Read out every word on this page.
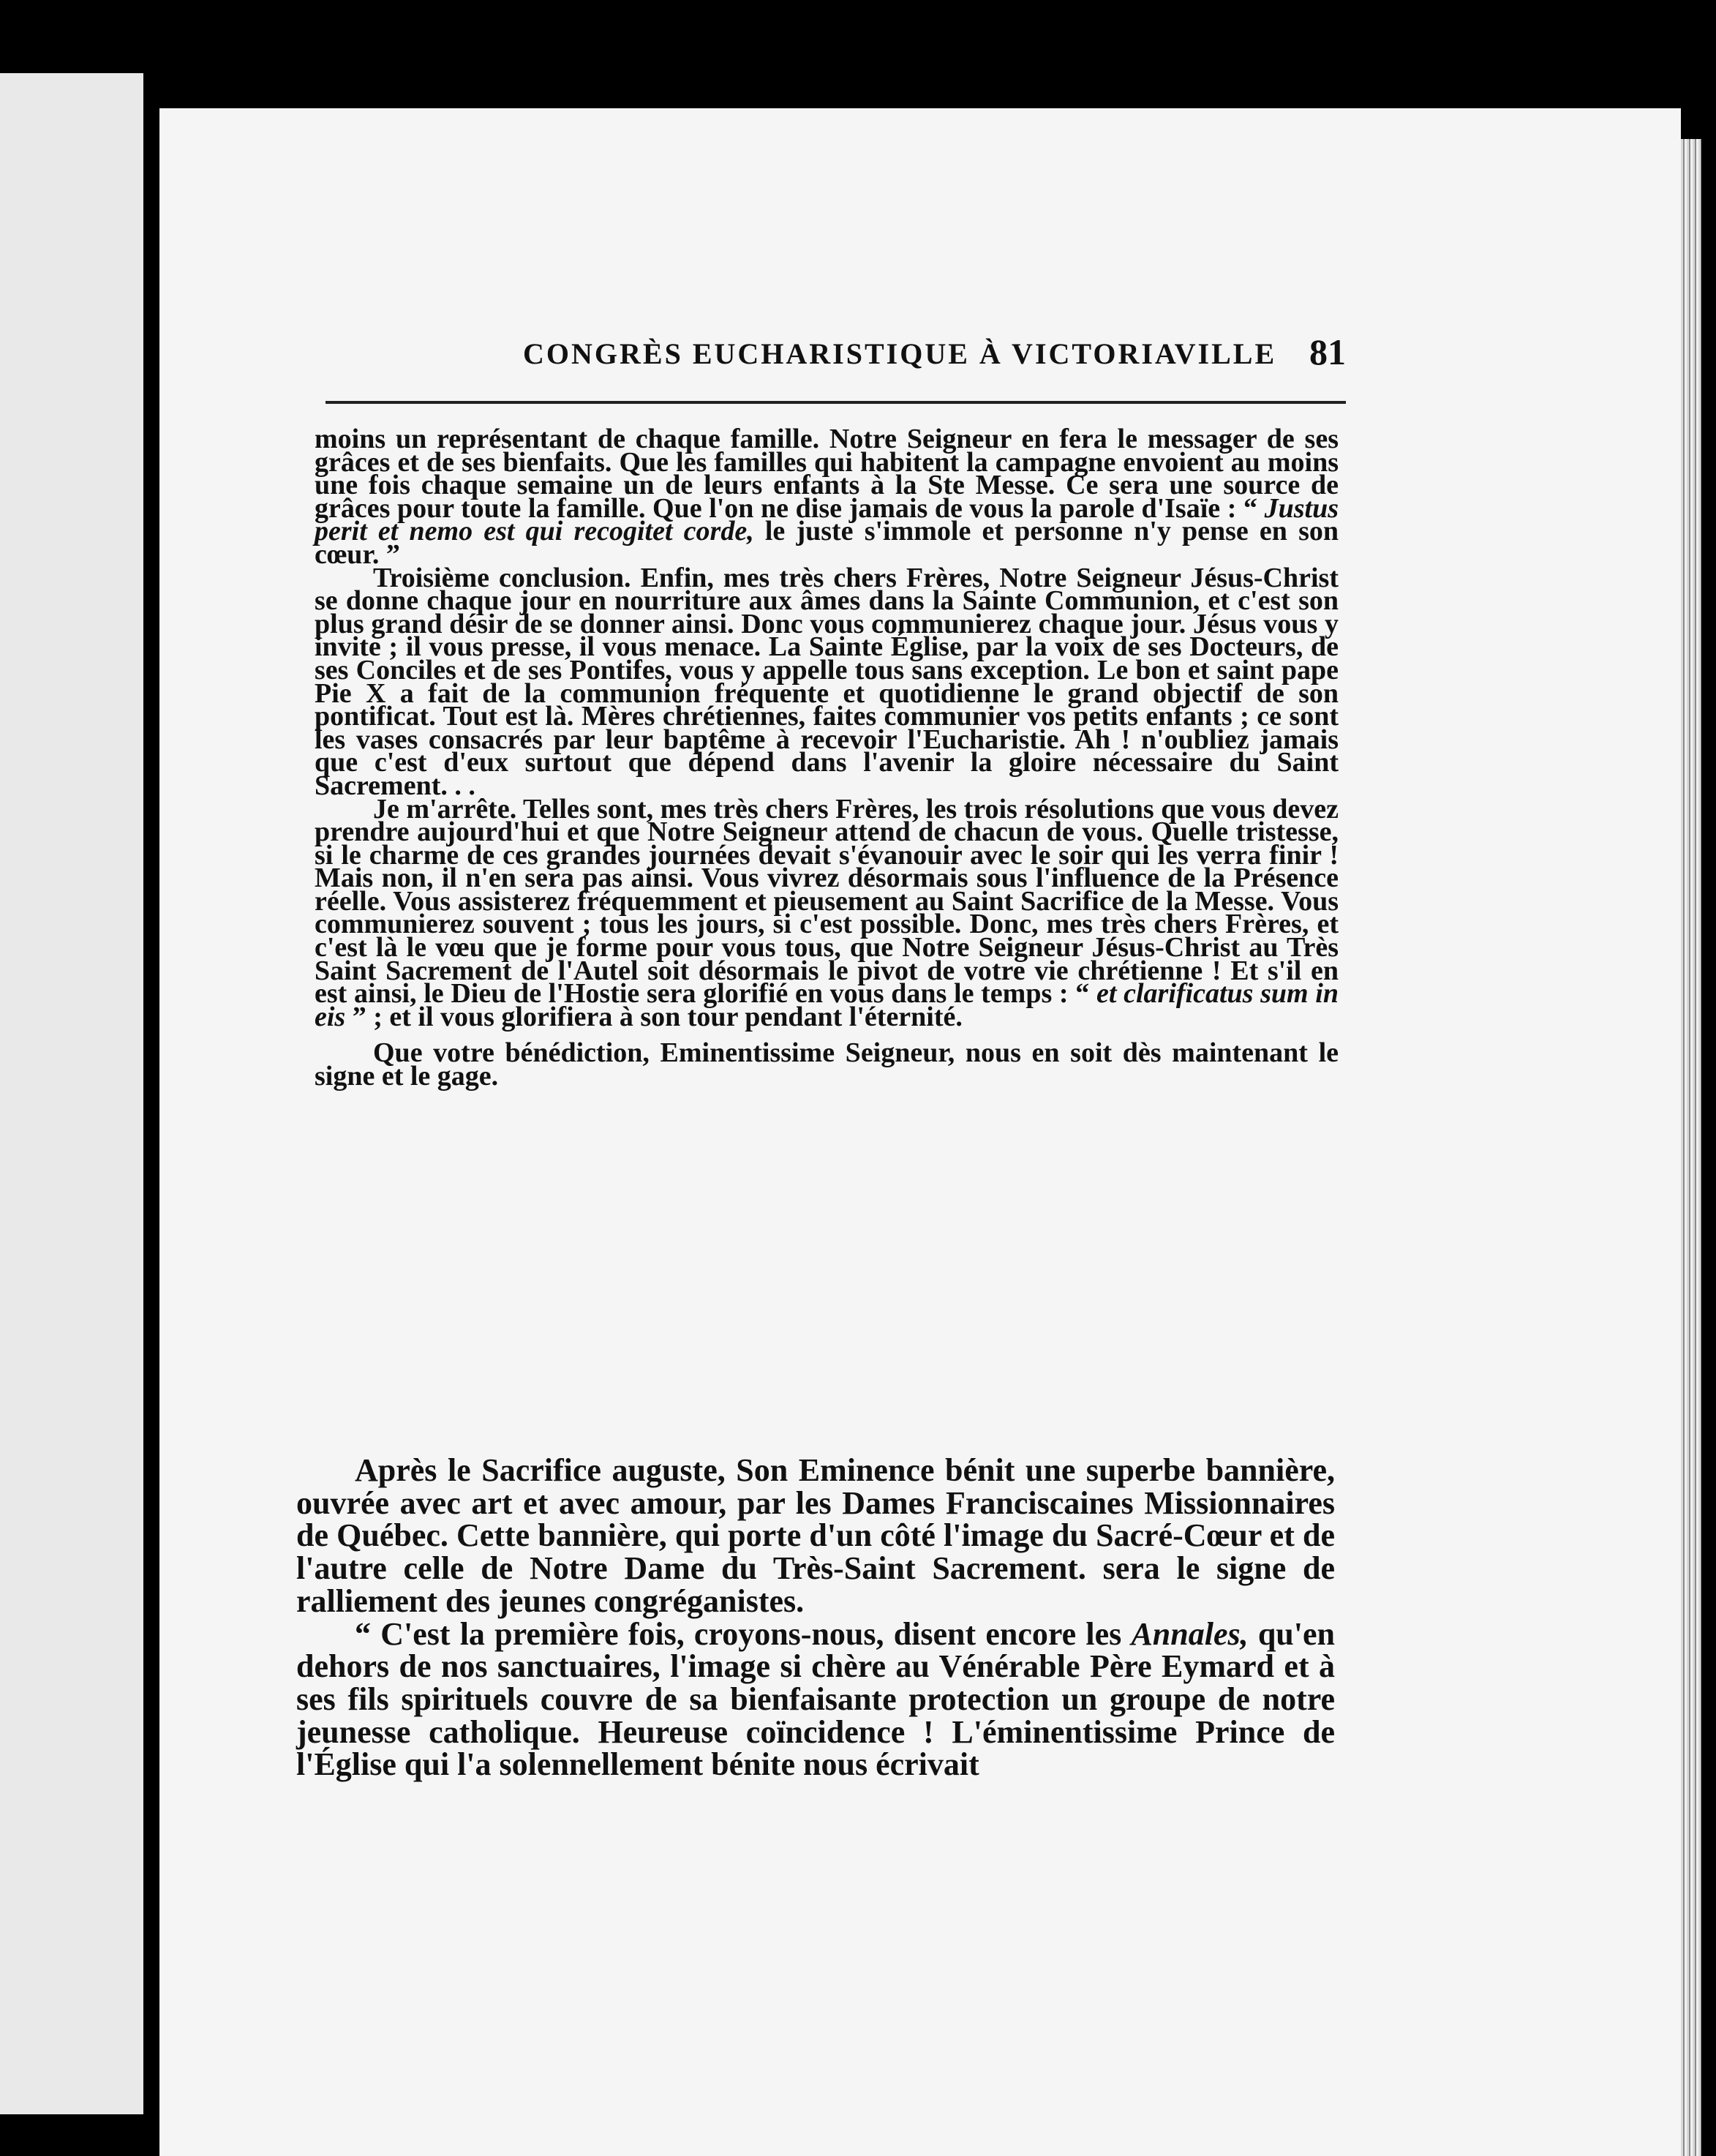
CONGRÈS EUCHARISTIQUE À VICTORIAVILLE 81

moins un représentant de chaque famille. Notre Seigneur en fera le messager de ses grâces et de ses bienfaits. Que les familles qui habitent la campagne envoient au moins une fois chaque semaine un de leurs enfants à la Ste Messe. Ce sera une source de grâces pour toute la famille. Que l'on ne dise jamais de vous la parole d'Isaïe : “ Justus perit et nemo est qui recogitet corde, le juste s'immole et personne n'y pense en son cœur. ”

Troisième conclusion. Enfin, mes très chers Frères, Notre Seigneur Jésus-Christ se donne chaque jour en nourriture aux âmes dans la Sainte Communion, et c'est son plus grand désir de se donner ainsi. Donc vous communierez chaque jour. Jésus vous y invite ; il vous presse, il vous menace. La Sainte Église, par la voix de ses Docteurs, de ses Conciles et de ses Pontifes, vous y appelle tous sans exception. Le bon et saint pape Pie X a fait de la communion fréquente et quotidienne le grand objectif de son pontificat. Tout est là. Mères chrétiennes, faites communier vos petits enfants ; ce sont les vases consacrés par leur baptême à recevoir l'Eucharistie. Ah ! n'oubliez jamais que c'est d'eux surtout que dépend dans l'avenir la gloire nécessaire du Saint Sacrement. . .

Je m'arrête. Telles sont, mes très chers Frères, les trois résolutions que vous devez prendre aujourd'hui et que Notre Seigneur attend de chacun de vous. Quelle tristesse, si le charme de ces grandes journées devait s'évanouir avec le soir qui les verra finir ! Mais non, il n'en sera pas ainsi. Vous vivrez désormais sous l'influence de la Présence réelle. Vous assisterez fréquemment et pieusement au Saint Sacrifice de la Messe. Vous communierez souvent ; tous les jours, si c'est possible. Donc, mes très chers Frères, et c'est là le vœu que je forme pour vous tous, que Notre Seigneur Jésus-Christ au Très Saint Sacrement de l'Autel soit désormais le pivot de votre vie chrétienne ! Et s'il en est ainsi, le Dieu de l'Hostie sera glorifié en vous dans le temps : “ et clarificatus sum in eis ” ; et il vous glorifiera à son tour pendant l'éternité.

Que votre bénédiction, Eminentissime Seigneur, nous en soit dès maintenant le signe et le gage.

Après le Sacrifice auguste, Son Eminence bénit une superbe bannière, ouvrée avec art et avec amour, par les Dames Franciscaines Missionnaires de Québec. Cette bannière, qui porte d'un côté l'image du Sacré-Cœur et de l'autre celle de Notre Dame du Très-Saint Sacrement. sera le signe de ralliement des jeunes congréganistes.

“ C'est la première fois, croyons-nous, disent encore les Annales, qu'en dehors de nos sanctuaires, l'image si chère au Vénérable Père Eymard et à ses fils spirituels couvre de sa bienfaisante protection un groupe de notre jeunesse catholique. Heureuse coïncidence ! L'éminentissime Prince de l'Église qui l'a solennellement bénite nous écrivait
